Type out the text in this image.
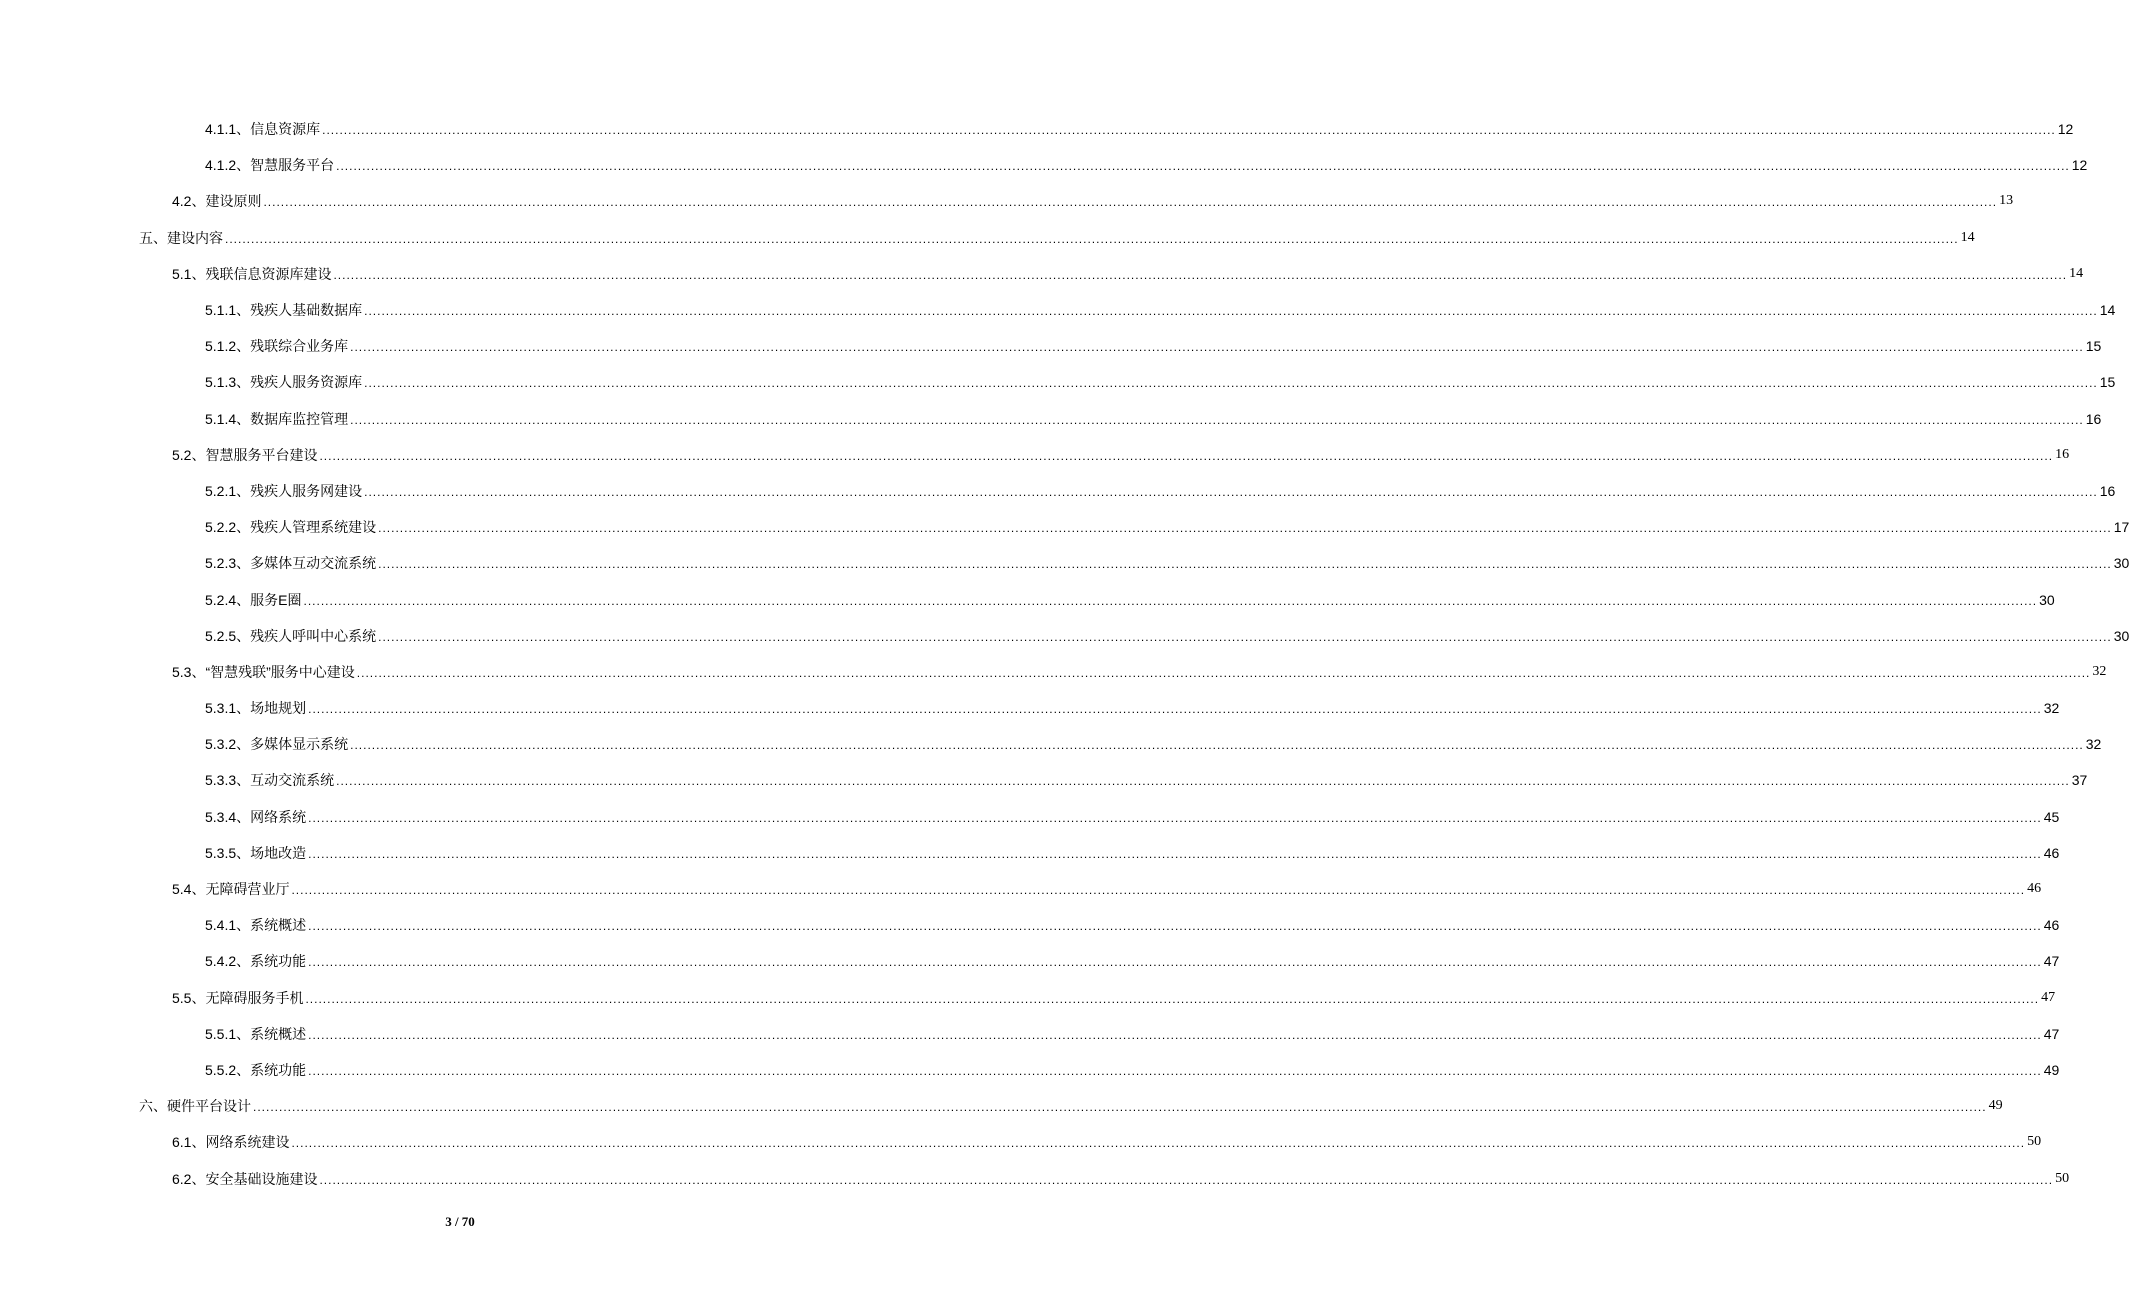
4.1.1、 信息资源库 ................................................................................................................................................................................................................................................................................................................................................................................................................ 12
4.1.2、 智慧服务平台 ................................................................................................................................................................................................................................................................................................................................................................................................................ 12
4.2、 建设原则 ................................................................................................................................................................................................................................................................................................................................................................................................................ 13
五、 建设内容 ................................................................................................................................................................................................................................................................................................................................................................................................................ 14
5.1、 残联信息资源库建设 ................................................................................................................................................................................................................................................................................................................................................................................................................ 14
5.1.1、 残疾人基础数据库 ................................................................................................................................................................................................................................................................................................................................................................................................................ 14
5.1.2、 残联综合业务库 ................................................................................................................................................................................................................................................................................................................................................................................................................ 15
5.1.3、 残疾人服务资源库 ................................................................................................................................................................................................................................................................................................................................................................................................................ 15
5.1.4、 数据库监控管理 ................................................................................................................................................................................................................................................................................................................................................................................................................ 16
5.2、 智慧服务平台建设 ................................................................................................................................................................................................................................................................................................................................................................................................................ 16
5.2.1、 残疾人服务网建设 ................................................................................................................................................................................................................................................................................................................................................................................................................ 16
5.2.2、 残疾人管理系统建设 ................................................................................................................................................................................................................................................................................................................................................................................................................ 17
5.2.3、 多媒体互动交流系统 ................................................................................................................................................................................................................................................................................................................................................................................................................ 30
5.2.4、 服务E圈 ................................................................................................................................................................................................................................................................................................................................................................................................................ 30
5.2.5、 残疾人呼叫中心系统 ................................................................................................................................................................................................................................................................................................................................................................................................................ 30
5.3、 “智慧残联”服务中心建设 ................................................................................................................................................................................................................................................................................................................................................................................................................ 32
5.3.1、 场地规划 ................................................................................................................................................................................................................................................................................................................................................................................................................ 32
5.3.2、 多媒体显示系统 ................................................................................................................................................................................................................................................................................................................................................................................................................ 32
5.3.3、 互动交流系统 ................................................................................................................................................................................................................................................................................................................................................................................................................ 37
5.3.4、 网络系统 ................................................................................................................................................................................................................................................................................................................................................................................................................ 45
5.3.5、 场地改造 ................................................................................................................................................................................................................................................................................................................................................................................................................ 46
5.4、 无障碍营业厅 ................................................................................................................................................................................................................................................................................................................................................................................................................ 46
5.4.1、 系统概述 ................................................................................................................................................................................................................................................................................................................................................................................................................ 46
5.4.2、 系统功能 ................................................................................................................................................................................................................................................................................................................................................................................................................ 47
5.5、 无障碍服务手机 ................................................................................................................................................................................................................................................................................................................................................................................................................ 47
5.5.1、 系统概述 ................................................................................................................................................................................................................................................................................................................................................................................................................ 47
5.5.2、 系统功能 ................................................................................................................................................................................................................................................................................................................................................................................................................ 49
六、 硬件平台设计 ................................................................................................................................................................................................................................................................................................................................................................................................................ 49
6.1、 网络系统建设 ................................................................................................................................................................................................................................................................................................................................................................................................................ 50
6.2、 安全基础设施建设 ................................................................................................................................................................................................................................................................................................................................................................................................................ 50
3 / 70
